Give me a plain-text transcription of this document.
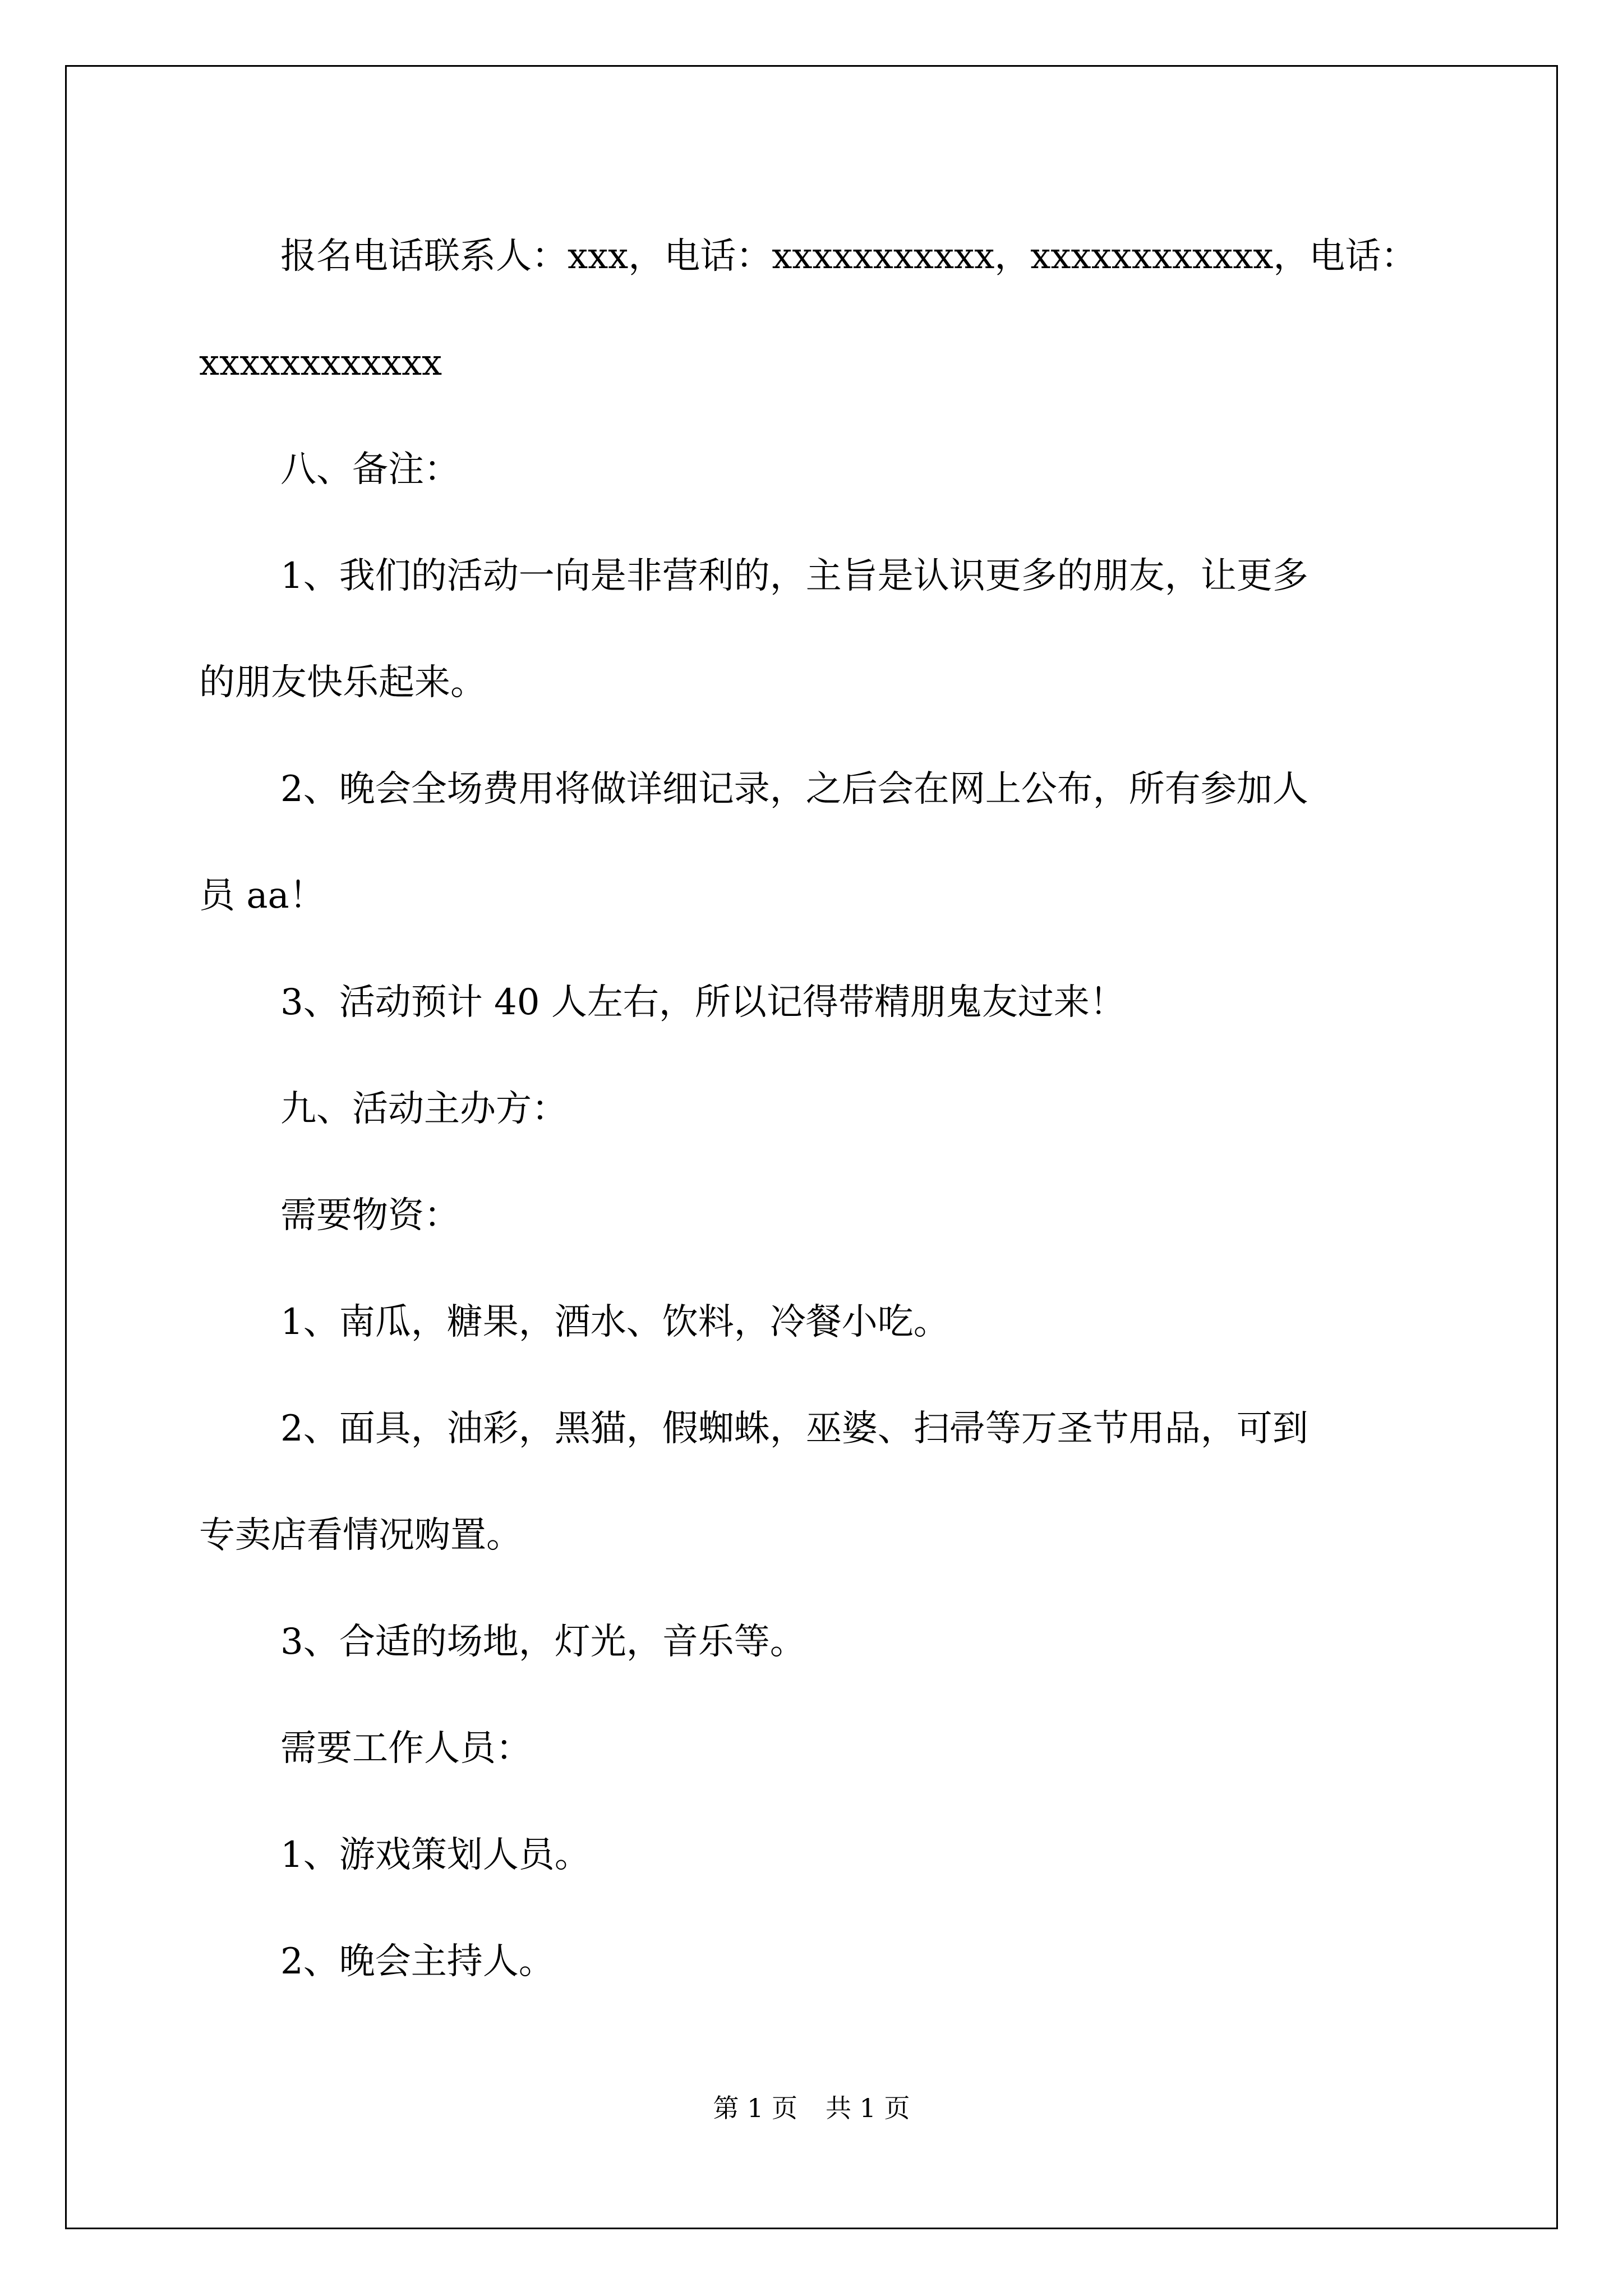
报名电话联系人：xxx，电话：xxxxxxxxxxx，xxxxxxxxxxxx，电话：
xxxxxxxxxxxx
八、备注：
1、我们的活动一向是非营利的，主旨是认识更多的朋友，让更多
的朋友快乐起来。
2、晚会全场费用将做详细记录，之后会在网上公布，所有参加人
员 aa！
3、活动预计 40 人左右，所以记得带精朋鬼友过来！
九、活动主办方：
需要物资：
1、南瓜，糖果，酒水、饮料，冷餐小吃。
2、面具，油彩，黑猫，假蜘蛛，巫婆、扫帚等万圣节用品，可到
专卖店看情况购置。
3、合适的场地，灯光，音乐等。
需要工作人员：
1、游戏策划人员。
2、晚会主持人。
第 1 页 共 1 页
